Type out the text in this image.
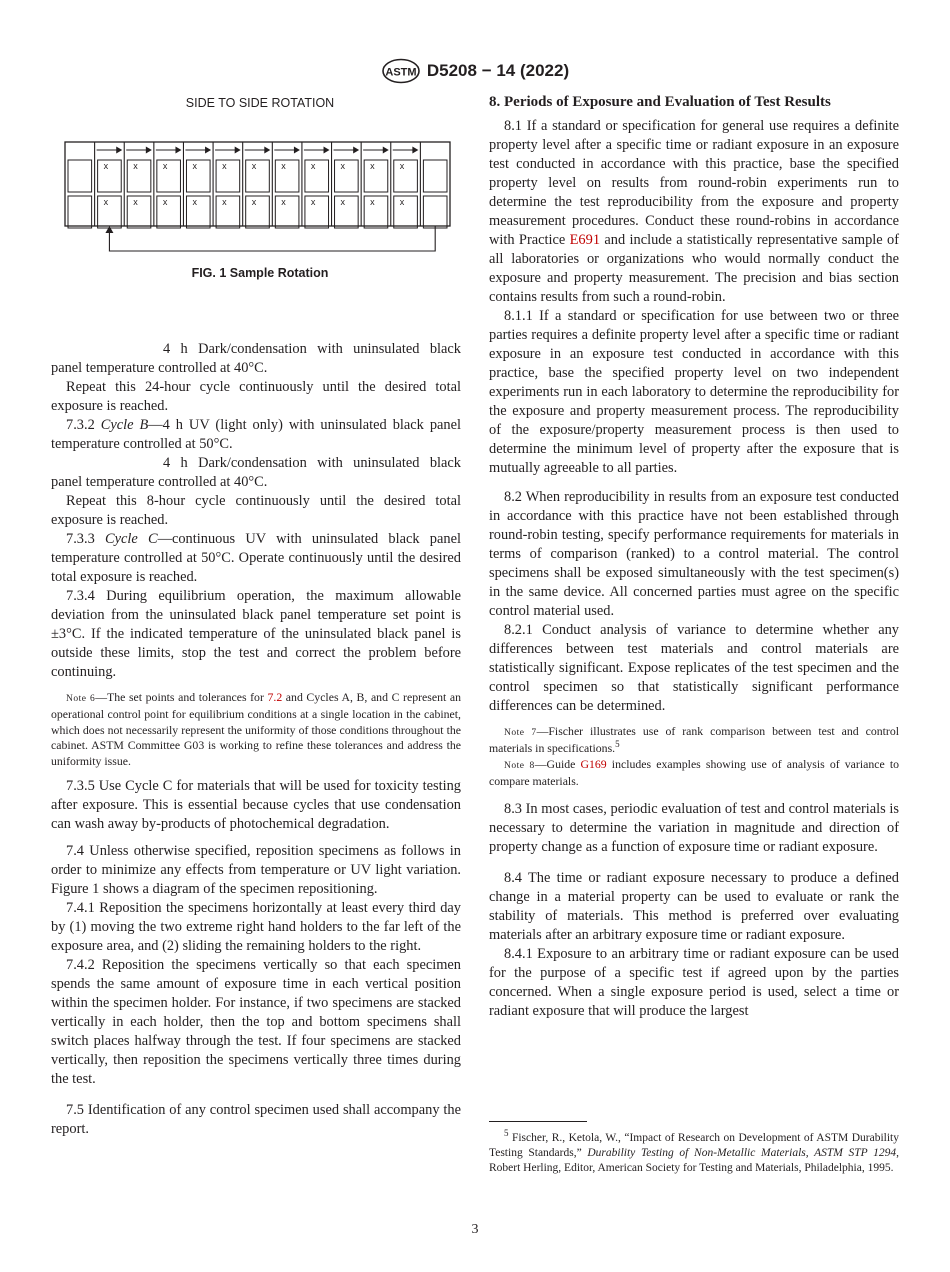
ASTM D5208 − 14 (2022)
SIDE TO SIDE ROTATION
x
x
x
x
x
x
x
x
x
x
x
x
x
x
x
x
x
x
x
x
x
x
FIG. 1 Sample Rotation

4 h Dark/condensation with uninsulated black panel temperature controlled at 40°C.

Repeat this 24-hour cycle continuously until the desired total exposure is reached.

7.3.2 Cycle B—4 h UV (light only) with uninsulated black panel temperature controlled at 50°C.

4 h Dark/condensation with uninsulated black panel temperature controlled at 40°C.

Repeat this 8-hour cycle continuously until the desired total exposure is reached.

7.3.3 Cycle C—continuous UV with uninsulated black panel temperature controlled at 50°C. Operate continuously until the desired total exposure is reached.

7.3.4 During equilibrium operation, the maximum allowable deviation from the uninsulated black panel temperature set point is ±3°C. If the indicated temperature of the uninsulated black panel is outside these limits, stop the test and correct the problem before continuing.

Note 6—The set points and tolerances for 7.2 and Cycles A, B, and C represent an operational control point for equilibrium conditions at a single location in the cabinet, which does not necessarily represent the uniformity of those conditions throughout the cabinet. ASTM Committee G03 is working to refine these tolerances and address the uniformity issue.

7.3.5 Use Cycle C for materials that will be used for toxicity testing after exposure. This is essential because cycles that use condensation can wash away by-products of photochemical degradation.

7.4 Unless otherwise specified, reposition specimens as follows in order to minimize any effects from temperature or UV light variation. Figure 1 shows a diagram of the specimen repositioning.

7.4.1 Reposition the specimens horizontally at least every third day by (1) moving the two extreme right hand holders to the far left of the exposure area, and (2) sliding the remaining holders to the right.

7.4.2 Reposition the specimens vertically so that each specimen spends the same amount of exposure time in each vertical position within the specimen holder. For instance, if two specimens are stacked vertically in each holder, then the top and bottom specimens shall switch places halfway through the test. If four specimens are stacked vertically, then reposition the specimens vertically three times during the test.

7.5 Identification of any control specimen used shall accompany the report.

8. Periods of Exposure and Evaluation of Test Results

8.1 If a standard or specification for general use requires a definite property level after a specific time or radiant exposure in an exposure test conducted in accordance with this practice, base the specified property level on results from round-robin experiments run to determine the test reproducibility from the exposure and property measurement procedures. Conduct these round-robins in accordance with Practice E691 and include a statistically representative sample of all laboratories or organizations who would normally conduct the exposure and property measurement. The precision and bias section contains results from such a round-robin.

8.1.1 If a standard or specification for use between two or three parties requires a definite property level after a specific time or radiant exposure in an exposure test conducted in accordance with this practice, base the specified property level on two independent experiments run in each laboratory to determine the reproducibility for the exposure and property measurement process. The reproducibility of the exposure/property measurement process is then used to determine the minimum level of property after the exposure that is mutually agreeable to all parties.

8.2 When reproducibility in results from an exposure test conducted in accordance with this practice have not been established through round-robin testing, specify performance requirements for materials in terms of comparison (ranked) to a control material. The control specimens shall be exposed simultaneously with the test specimen(s) in the same device. All concerned parties must agree on the specific control material used.

8.2.1 Conduct analysis of variance to determine whether any differences between test materials and control materials are statistically significant. Expose replicates of the test specimen and the control specimen so that statistically significant performance differences can be determined.

Note 7—Fischer illustrates use of rank comparison between test and control materials in specifications.$^5$

Note 8—Guide G169 includes examples showing use of analysis of variance to compare materials.

8.3 In most cases, periodic evaluation of test and control materials is necessary to determine the variation in magnitude and direction of property change as a function of exposure time or radiant exposure.

8.4 The time or radiant exposure necessary to produce a defined change in a material property can be used to evaluate or rank the stability of materials. This method is preferred over evaluating materials after an arbitrary exposure time or radiant exposure.

8.4.1 Exposure to an arbitrary time or radiant exposure can be used for the purpose of a specific test if agreed upon by the parties concerned. When a single exposure period is used, select a time or radiant exposure that will produce the largest

$^5$ Fischer, R., Ketola, W., “Impact of Research on Development of ASTM Durability Testing Standards,” Durability Testing of Non-Metallic Materials, ASTM STP 1294, Robert Herling, Editor, American Society for Testing and Materials, Philadelphia, 1995.
3
